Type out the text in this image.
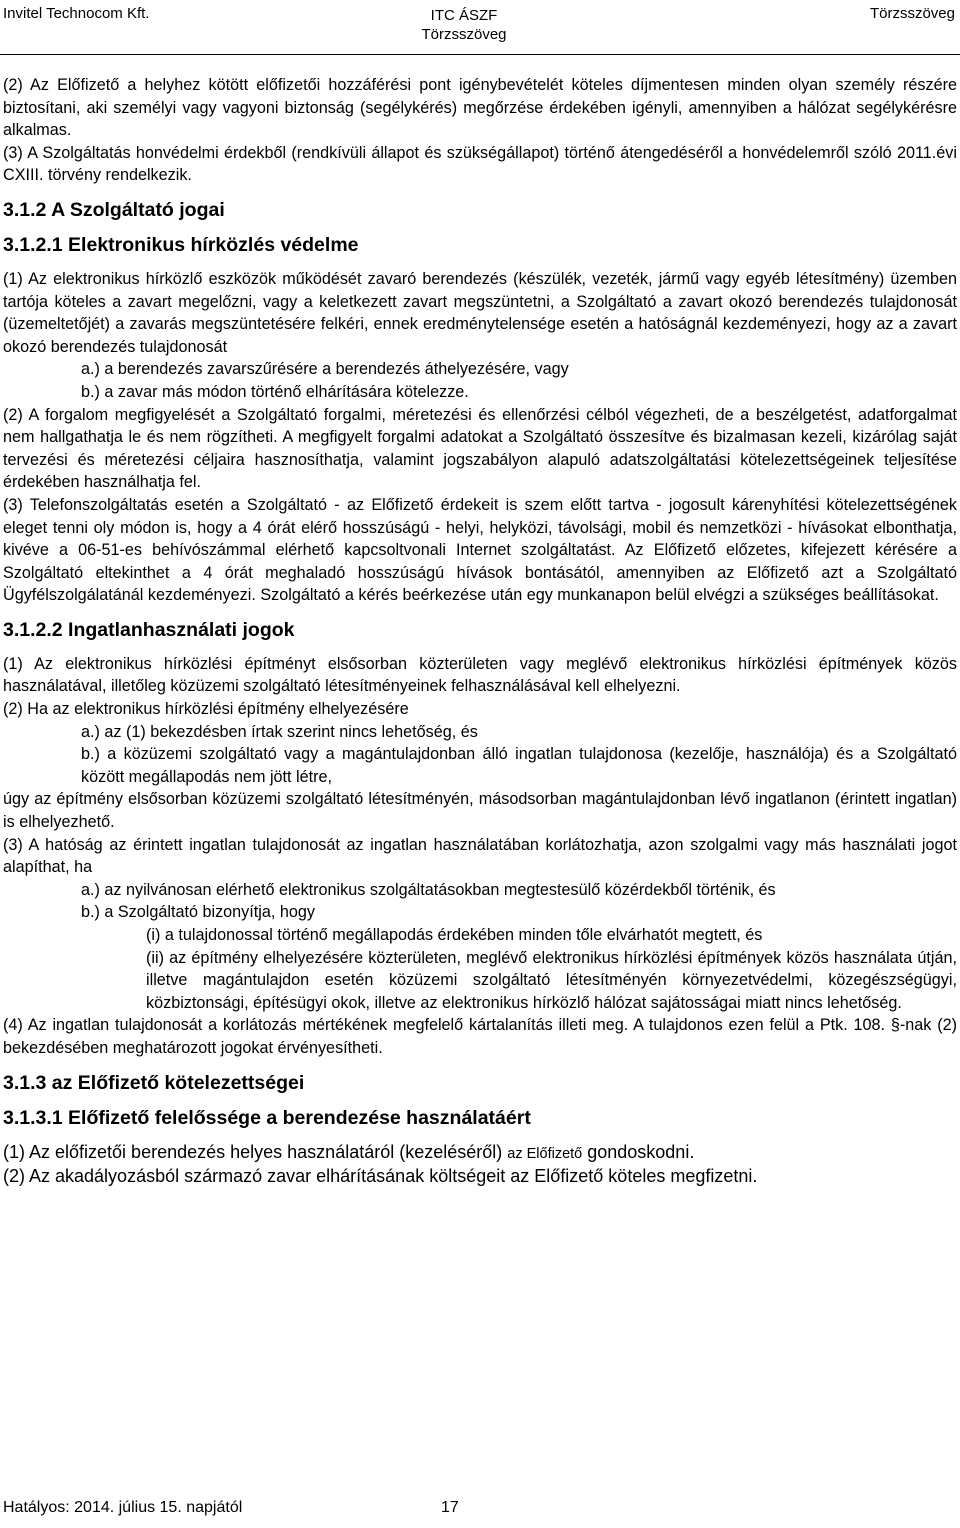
Invitel Technocom Kft.	ITC ÁSZF
Törzsszöveg
Törzsszöveg

(2) Az Előfizető a helyhez kötött előfizetői hozzáférési pont igénybevételét köteles díjmentesen minden olyan személy részére biztosítani, aki személyi vagy vagyoni biztonság (segélykérés) megőrzése érdekében igényli, amennyiben a hálózat segélykérésre alkalmas.

(3) A Szolgáltatás honvédelmi érdekből (rendkívüli állapot és szükségállapot) történő átengedéséről a honvédelemről szóló 2011.évi CXIII. törvény rendelkezik.

3.1.2 A Szolgáltató jogai
3.1.2.1 Elektronikus hírközlés védelme

(1) Az elektronikus hírközlő eszközök működését zavaró berendezés (készülék, vezeték, jármű vagy egyéb létesítmény) üzemben tartója köteles a zavart megelőzni, vagy a keletkezett zavart megszüntetni, a Szolgáltató a zavart okozó berendezés tulajdonosát (üzemeltetőjét) a zavarás megszüntetésére felkéri, ennek eredménytelensége esetén a hatóságnál kezdeményezi, hogy az a zavart okozó berendezés tulajdonosát

a.) a berendezés zavarszűrésére a berendezés áthelyezésére, vagy

b.) a zavar más módon történő elhárítására kötelezze.

(2) A forgalom megfigyelését a Szolgáltató forgalmi, méretezési és ellenőrzési célból végezheti, de a beszélgetést, adatforgalmat nem hallgathatja le és nem rögzítheti. A megfigyelt forgalmi adatokat a Szolgáltató összesítve és bizalmasan kezeli, kizárólag saját tervezési és méretezési céljaira hasznosíthatja, valamint jogszabályon alapuló adatszolgáltatási kötelezettségeinek teljesítése érdekében használhatja fel.

(3) Telefonszolgáltatás esetén a Szolgáltató - az Előfizető érdekeit is szem előtt tartva - jogosult kárenyhítési kötelezettségének eleget tenni oly módon is, hogy a 4 órát elérő hosszúságú - helyi, helyközi, távolsági, mobil és nemzetközi - hívásokat elbonthatja, kivéve a 06-51-es behívószámmal elérhető kapcsoltvonali Internet szolgáltatást. Az Előfizető előzetes, kifejezett kérésére a Szolgáltató eltekinthet a 4 órát meghaladó hosszúságú hívások bontásától, amennyiben az Előfizető azt a Szolgáltató Ügyfélszolgálatánál kezdeményezi. Szolgáltató a kérés beérkezése után egy munkanapon belül elvégzi a szükséges beállításokat.

3.1.2.2 Ingatlanhasználati jogok

(1) Az elektronikus hírközlési építményt elsősorban közterületen vagy meglévő elektronikus hírközlési építmények közös használatával, illetőleg közüzemi szolgáltató létesítményeinek felhasználásával kell elhelyezni.

(2) Ha az elektronikus hírközlési építmény elhelyezésére

a.) az (1) bekezdésben írtak szerint nincs lehetőség, és

b.) a közüzemi szolgáltató vagy a magántulajdonban álló ingatlan tulajdonosa (kezelője, használója) és a Szolgáltató között megállapodás nem jött létre,

úgy az építmény elsősorban közüzemi szolgáltató létesítményén, másodsorban magántulajdonban lévő ingatlanon (érintett ingatlan) is elhelyezhető.

(3) A hatóság az érintett ingatlan tulajdonosát az ingatlan használatában korlátozhatja, azon szolgalmi vagy más használati jogot alapíthat, ha

a.) az nyilvánosan elérhető elektronikus szolgáltatásokban megtestesülő közérdekből történik, és

b.) a Szolgáltató bizonyítja, hogy

(i) a tulajdonossal történő megállapodás érdekében minden tőle elvárhatót megtett, és

(ii) az építmény elhelyezésére közterületen, meglévő elektronikus hírközlési építmények közös használata útján, illetve magántulajdon esetén közüzemi szolgáltató létesítményén környezetvédelmi, közegészségügyi, közbiztonsági, építésügyi okok, illetve az elektronikus hírközlő hálózat sajátosságai miatt nincs lehetőség.

(4) Az ingatlan tulajdonosát a korlátozás mértékének megfelelő kártalanítás illeti meg. A tulajdonos ezen felül a Ptk. 108. §-nak (2) bekezdésében meghatározott jogokat érvényesítheti.

3.1.3 az Előfizető kötelezettségei
3.1.3.1 Előfizető felelőssége a berendezése használatáért

(1) Az előfizetői berendezés helyes használatáról (kezeléséről) az Előfizető gondoskodni.

(2) Az akadályozásból származó zavar elhárításának költségeit az Előfizető köteles megfizetni.

Hatályos: 2014. július 15. napjától	17
